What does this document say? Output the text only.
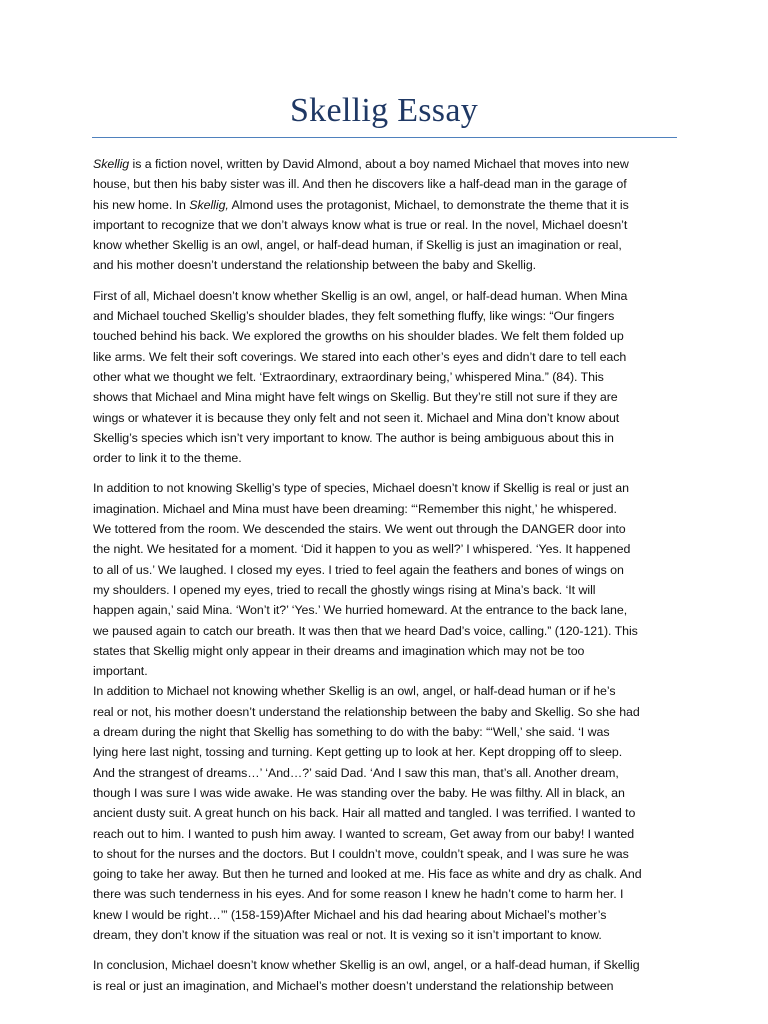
Skellig Essay

Skellig is a fiction novel, written by David Almond, about a boy named Michael that moves into new
house, but then his baby sister was ill. And then he discovers like a half-dead man in the garage of
his new home. In Skellig, Almond uses the protagonist, Michael, to demonstrate the theme that it is
important to recognize that we don’t always know what is true or real. In the novel, Michael doesn’t
know whether Skellig is an owl, angel, or half-dead human, if Skellig is just an imagination or real,
and his mother doesn’t understand the relationship between the baby and Skellig.

First of all, Michael doesn’t know whether Skellig is an owl, angel, or half-dead human. When Mina
and Michael touched Skellig’s shoulder blades, they felt something fluffy, like wings: “Our fingers
touched behind his back. We explored the growths on his shoulder blades. We felt them folded up
like arms. We felt their soft coverings. We stared into each other’s eyes and didn’t dare to tell each
other what we thought we felt. ‘Extraordinary, extraordinary being,’ whispered Mina.” (84). This
shows that Michael and Mina might have felt wings on Skellig. But they’re still not sure if they are
wings or whatever it is because they only felt and not seen it. Michael and Mina don’t know about
Skellig’s species which isn’t very important to know. The author is being ambiguous about this in
order to link it to the theme.

In addition to not knowing Skellig’s type of species, Michael doesn’t know if Skellig is real or just an
imagination. Michael and Mina must have been dreaming: “‘Remember this night,’ he whispered.
We tottered from the room. We descended the stairs. We went out through the DANGER door into
the night. We hesitated for a moment. ‘Did it happen to you as well?’ I whispered. ‘Yes. It happened
to all of us.’ We laughed. I closed my eyes. I tried to feel again the feathers and bones of wings on
my shoulders. I opened my eyes, tried to recall the ghostly wings rising at Mina’s back. ‘It will
happen again,’ said Mina. ‘Won’t it?’ ‘Yes.’ We hurried homeward. At the entrance to the back lane,
we paused again to catch our breath. It was then that we heard Dad’s voice, calling.” (120-121). This
states that Skellig might only appear in their dreams and imagination which may not be too
important.

In addition to Michael not knowing whether Skellig is an owl, angel, or half-dead human or if he’s
real or not, his mother doesn’t understand the relationship between the baby and Skellig. So she had
a dream during the night that Skellig has something to do with the baby: “‘Well,’ she said. ‘I was
lying here last night, tossing and turning. Kept getting up to look at her. Kept dropping off to sleep.
And the strangest of dreams…’ ‘And…?’ said Dad. ‘And I saw this man, that’s all. Another dream,
though I was sure I was wide awake. He was standing over the baby. He was filthy. All in black, an
ancient dusty suit. A great hunch on his back. Hair all matted and tangled. I was terrified. I wanted to
reach out to him. I wanted to push him away. I wanted to scream, Get away from our baby! I wanted
to shout for the nurses and the doctors. But I couldn’t move, couldn’t speak, and I was sure he was
going to take her away. But then he turned and looked at me. His face as white and dry as chalk. And
there was such tenderness in his eyes. And for some reason I knew he hadn’t come to harm her. I
knew I would be right…’” (158-159)After Michael and his dad hearing about Michael’s mother’s
dream, they don’t know if the situation was real or not. It is vexing so it isn’t important to know.

In conclusion, Michael doesn’t know whether Skellig is an owl, angel, or a half-dead human, if Skellig
is real or just an imagination, and Michael’s mother doesn’t understand the relationship between
